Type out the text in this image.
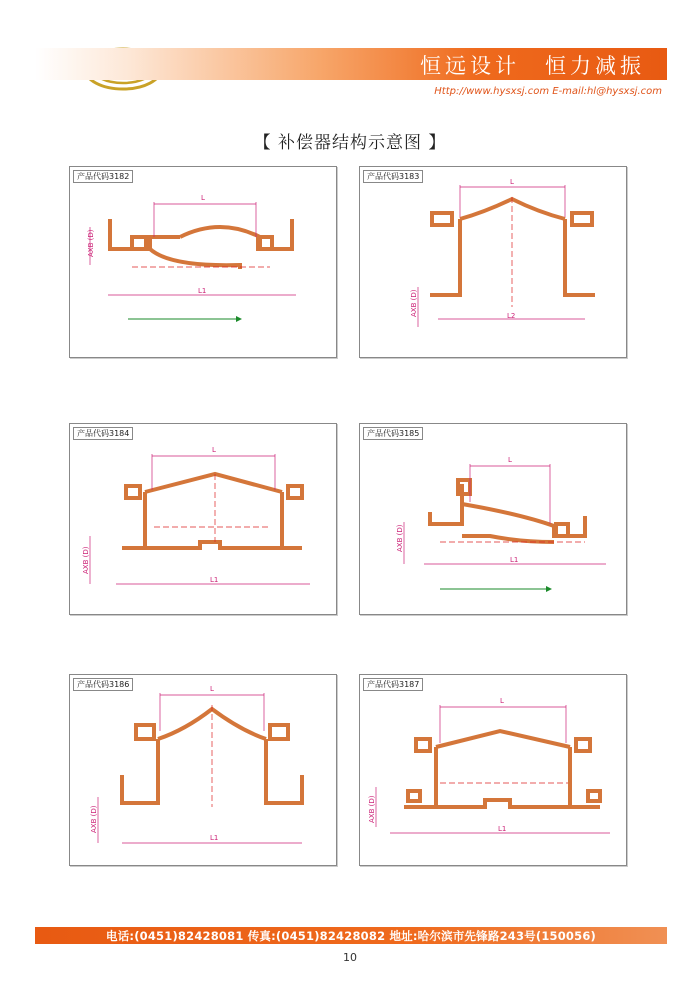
恒远设计　恒力减振
Http://www.hysxsj.com E-mail:hl@hysxsj.com
【 补偿器结构示意图 】
L
L1
AXB (D)
产品代码3182
L
L2
AXB (D)
产品代码3183
L
L1
AXB (D)
产品代码3184
L
L1
AXB (D)
产品代码3185
L
L1
AXB (D)
产品代码3186
L
L1
AXB (D)
产品代码3187
电话:(0451)82428081 传真:(0451)82428082 地址:哈尔滨市先锋路243号(150056)
10
